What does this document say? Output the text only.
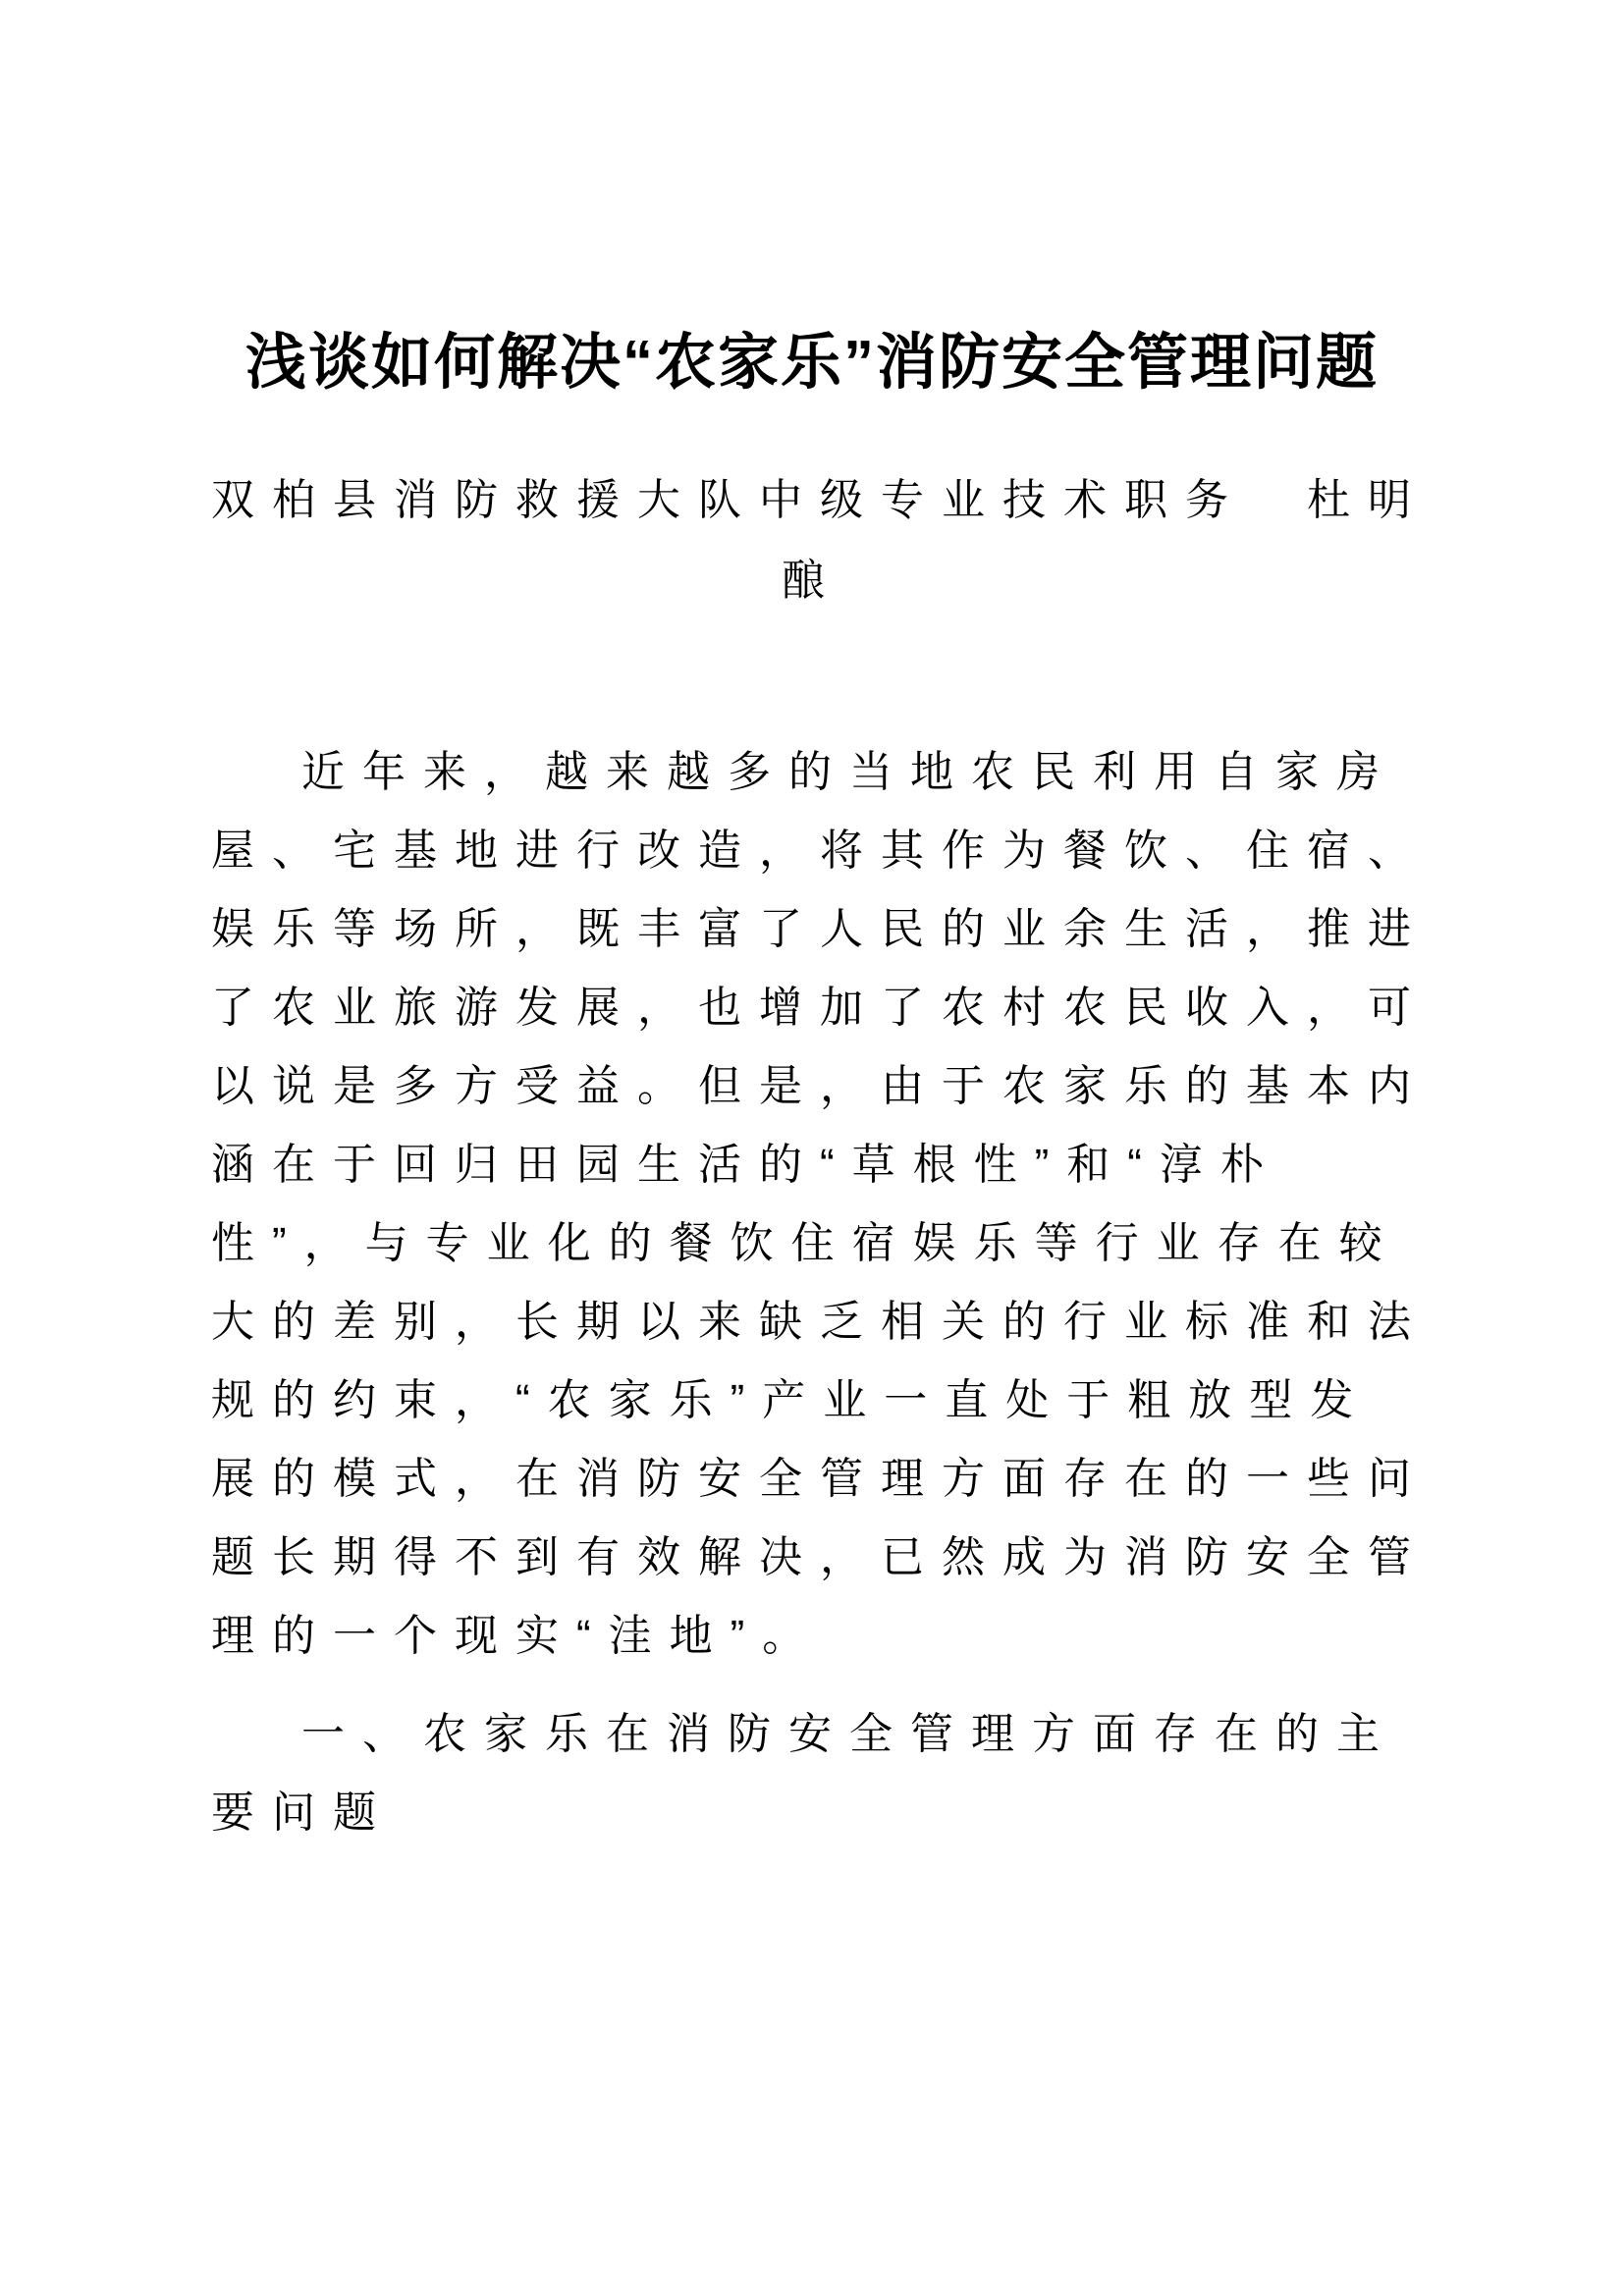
浅谈如何解决“农家乐”消防安全管理问题
双柏县消防救援大队中级专业技术职务　杜明
酿
近年来，越来越多的当地农民利用自家房
屋、宅基地进行改造，将其作为餐饮、住宿、
娱乐等场所，既丰富了人民的业余生活，推进
了农业旅游发展，也增加了农村农民收入，可
以说是多方受益。但是，由于农家乐的基本内
涵在于回归田园生活的“草根性”和“淳朴
性”，与专业化的餐饮住宿娱乐等行业存在较
大的差别，长期以来缺乏相关的行业标准和法
规的约束，“农家乐”产业一直处于粗放型发
展的模式，在消防安全管理方面存在的一些问
题长期得不到有效解决，已然成为消防安全管
理的一个现实“洼地”。
一、农家乐在消防安全管理方面存在的主
要问题
